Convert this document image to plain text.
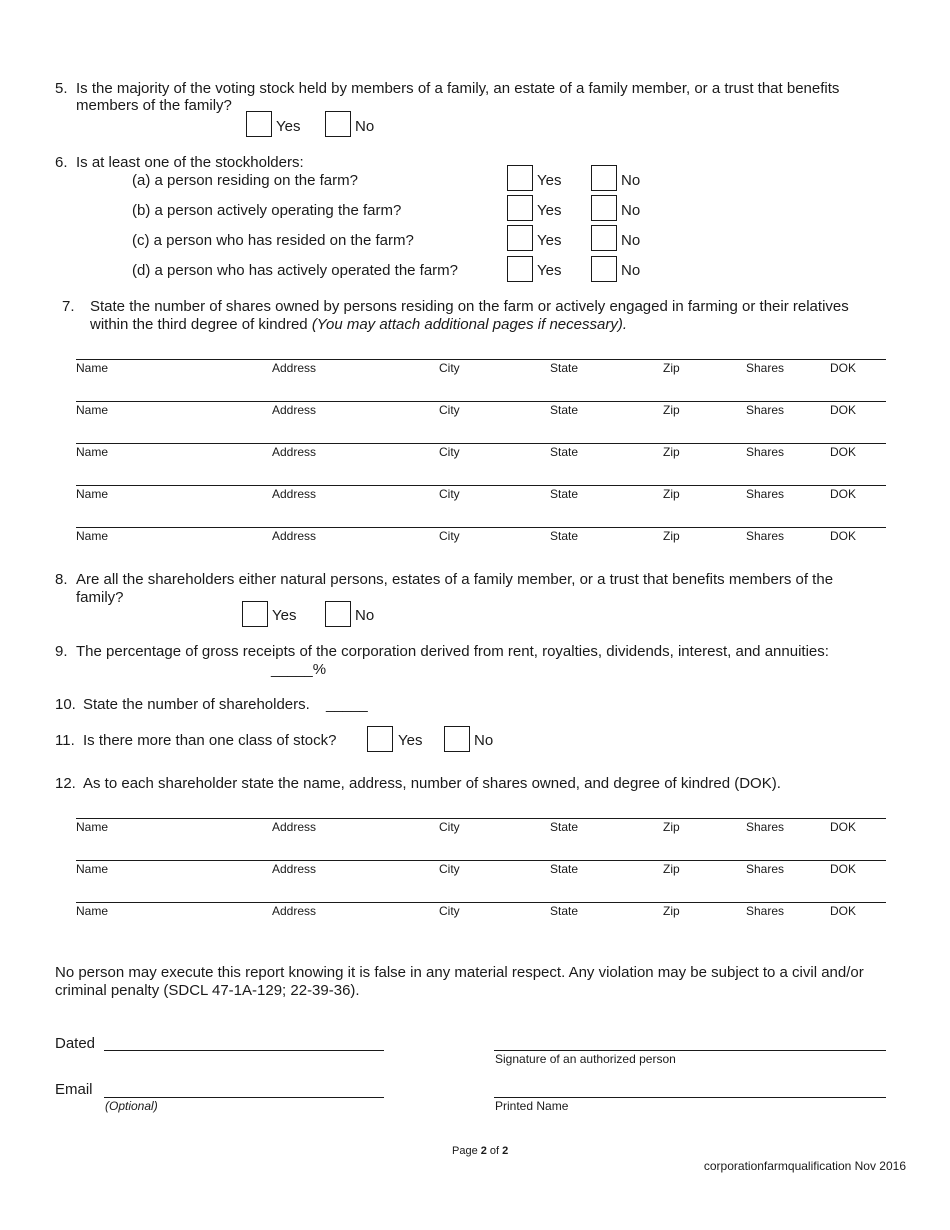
5. Is the majority of the voting stock held by members of a family, an estate of a family member, or a trust that benefits
members of the family?
Yes	No
6. Is at least one of the stockholders:
(a) a person residing on the farm?	Yes	No
(b) a person actively operating the farm?	Yes	No
(c) a person who has resided on the farm?	Yes	No
(d) a person who has actively operated the farm?	Yes	No
7. State the number of shares owned by persons residing on the farm or actively engaged in farming or their relatives
within the third degree of kindred (You may attach additional pages if necessary).
8. Are all the shareholders either natural persons, estates of a family member, or a trust that benefits members of the
family?
Yes	No
9. The percentage of gross receipts of the corporation derived from rent, royalties, dividends, interest, and annuities:
_____%
10. State the number of shareholders. _____
11. Is there more than one class of stock?	Yes	No
12. As to each shareholder state the name, address, number of shares owned, and degree of kindred (DOK).
No person may execute this report knowing it is false in any material respect. Any violation may be subject to a civil and/or
criminal penalty (SDCL 47-1A-129; 22-39-36).
Dated
Signature of an authorized person
Email
(Optional)	Printed Name
Page 2 of 2
corporationfarmqualification Nov 2016
Name	Address	City	State	Zip	Shares	DOK
Name	Address	City	State	Zip	Shares	DOK
Name	Address	City	State	Zip	Shares	DOK
Name	Address	City	State	Zip	Shares	DOK
Name	Address	City	State	Zip	Shares	DOK
Name	Address	City	State	Zip	Shares	DOK
Name	Address	City	State	Zip	Shares	DOK
Name	Address	City	State	Zip	Shares	DOK
